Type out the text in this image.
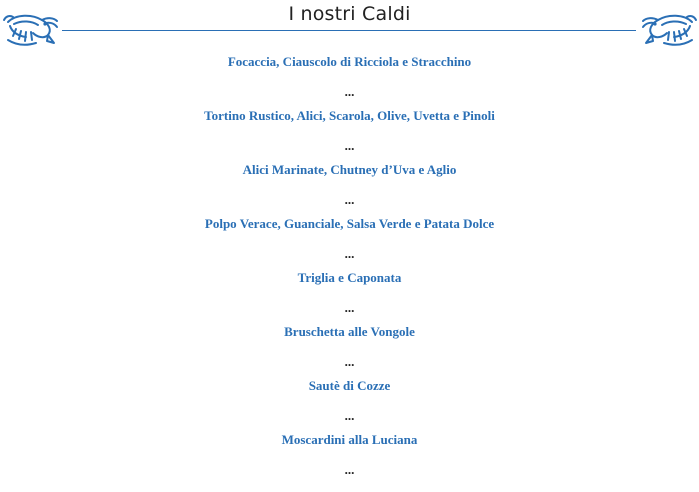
I nostri Caldi
Focaccia, Ciauscolo di Ricciola e Stracchino
...
Tortino Rustico, Alici, Scarola, Olive, Uvetta e Pinoli
...
Alici Marinate, Chutney d’Uva e Aglio
...
Polpo Verace, Guanciale, Salsa Verde e Patata Dolce
...
Triglia e Caponata
...
Bruschetta alle Vongole
...
Sautè di Cozze
...
Moscardini alla Luciana
...
